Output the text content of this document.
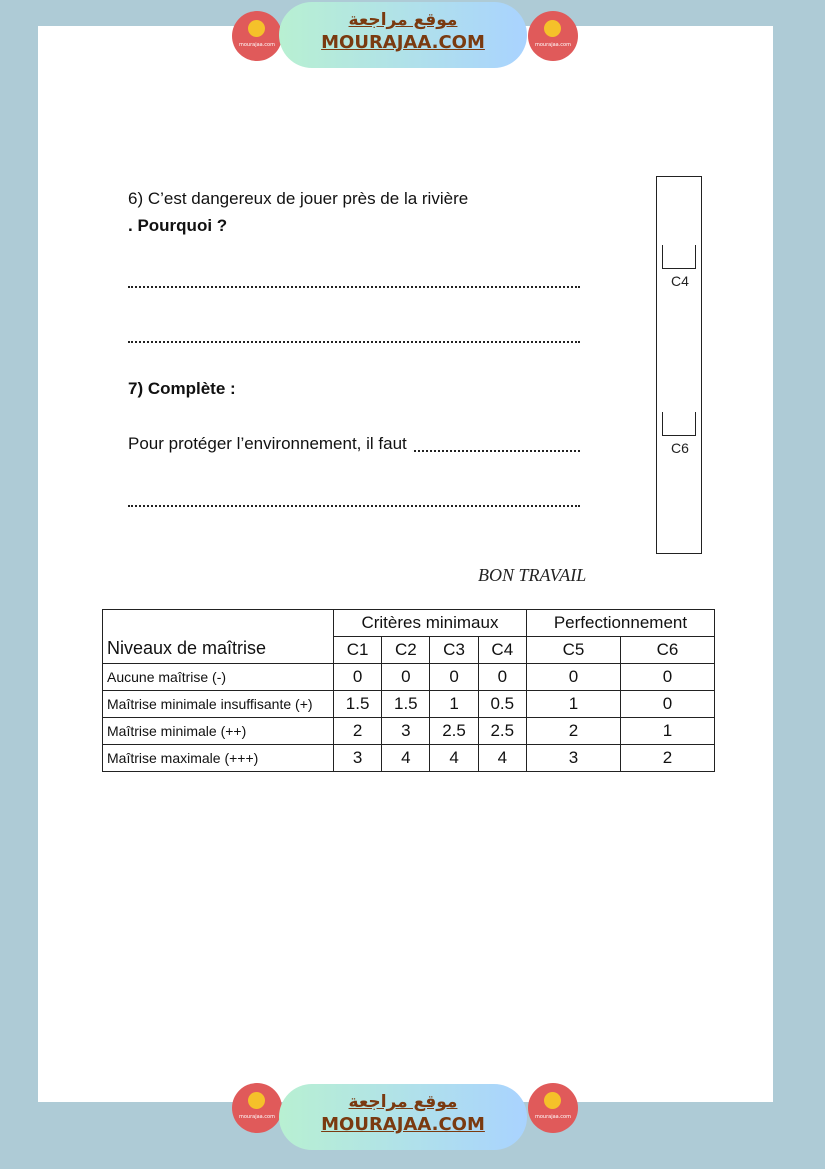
mourajaa.com
موقع مراجعة
MOURAJAA.COM	mourajaa.com
6) C’est dangereux de jouer près de la rivière
. Pourquoi ?
7) Complète :
Pour protéger l’environnement, il faut
C4
C6
BON TRAVAIL
Niveaux de maîtrise	Critères minimaux				Perfectionnement	
	C1	C2	C3	C4	C5	C6
Aucune maîtrise (-)	0	0	0	0	0	0
Maîtrise minimale insuffisante (+)	1.5	1.5	1	0.5	1	0
Maîtrise minimale (++)	2	3	2.5	2.5	2	1
Maîtrise maximale (+++)	3	4	4	4	3	2
mourajaa.com
موقع مراجعة
MOURAJAA.COM	mourajaa.com
